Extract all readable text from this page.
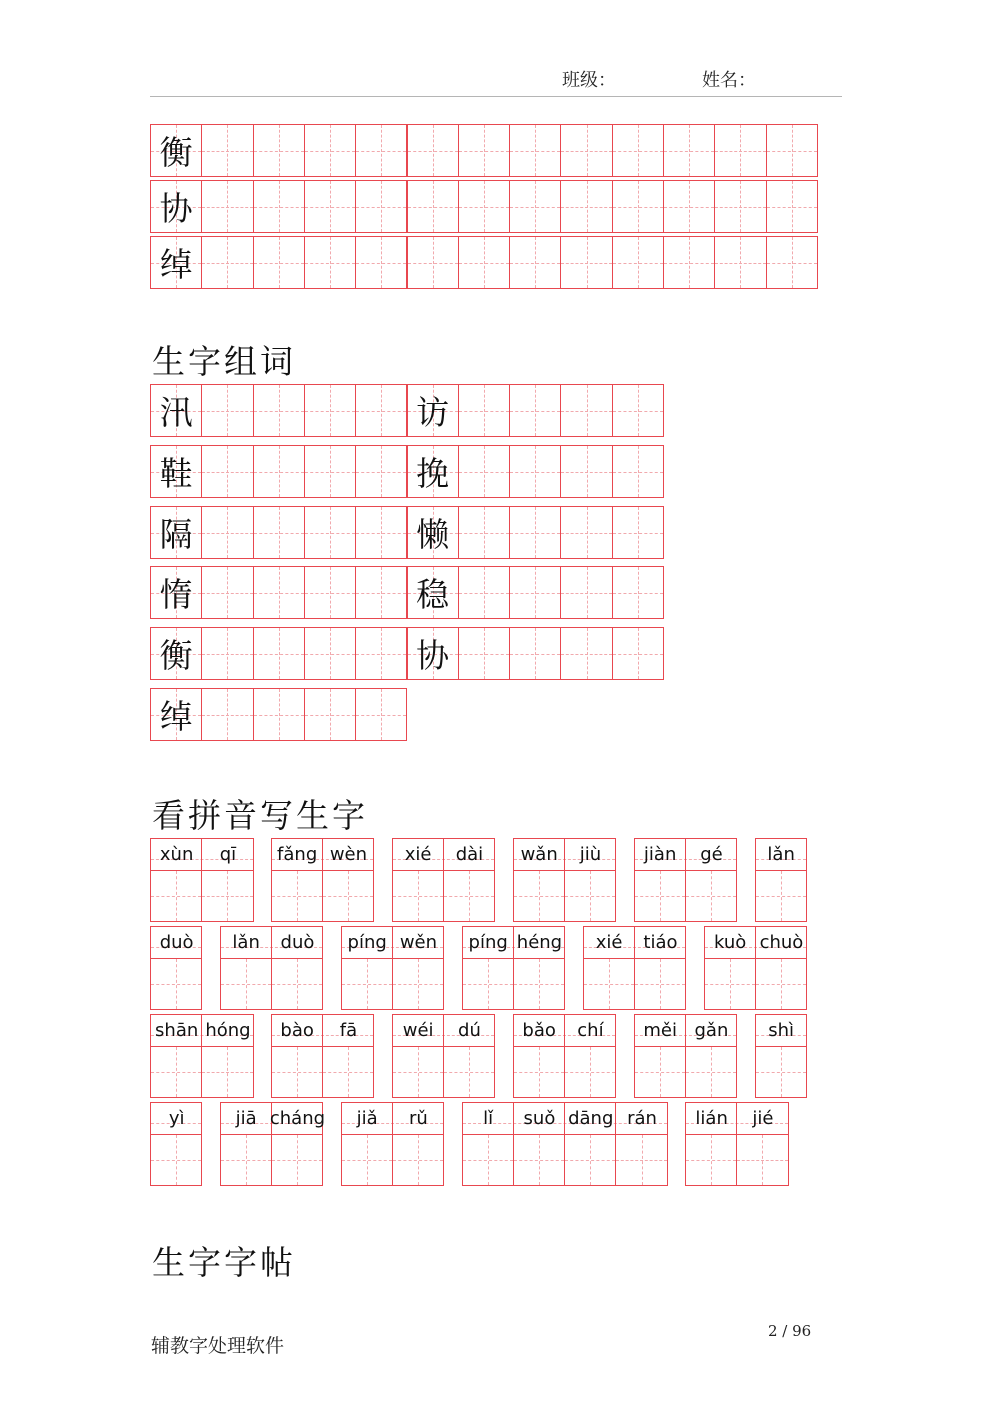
班级：	姓名：
衡
协
绰
生字组词
汛	访
鞋	挽
隔	懒
惰	稳
衡	协
绰
看拼音写生字
xùn	qī	fǎng wèn	xié	dài	wǎn	jiù	jiàn	gé	lǎn
duò	lǎn	duò	píng wěn	píng héng	xié	tiáo	kuò chuò
shān hóng	bào	fā	wéi	dú	bǎo	chí	měi gǎn	shì
yì	jiā cháng	jiǎ	rǔ	lǐ	suǒ dāng rán	lián	jié
生字字帖
辅教字处理软件
2 / 96
